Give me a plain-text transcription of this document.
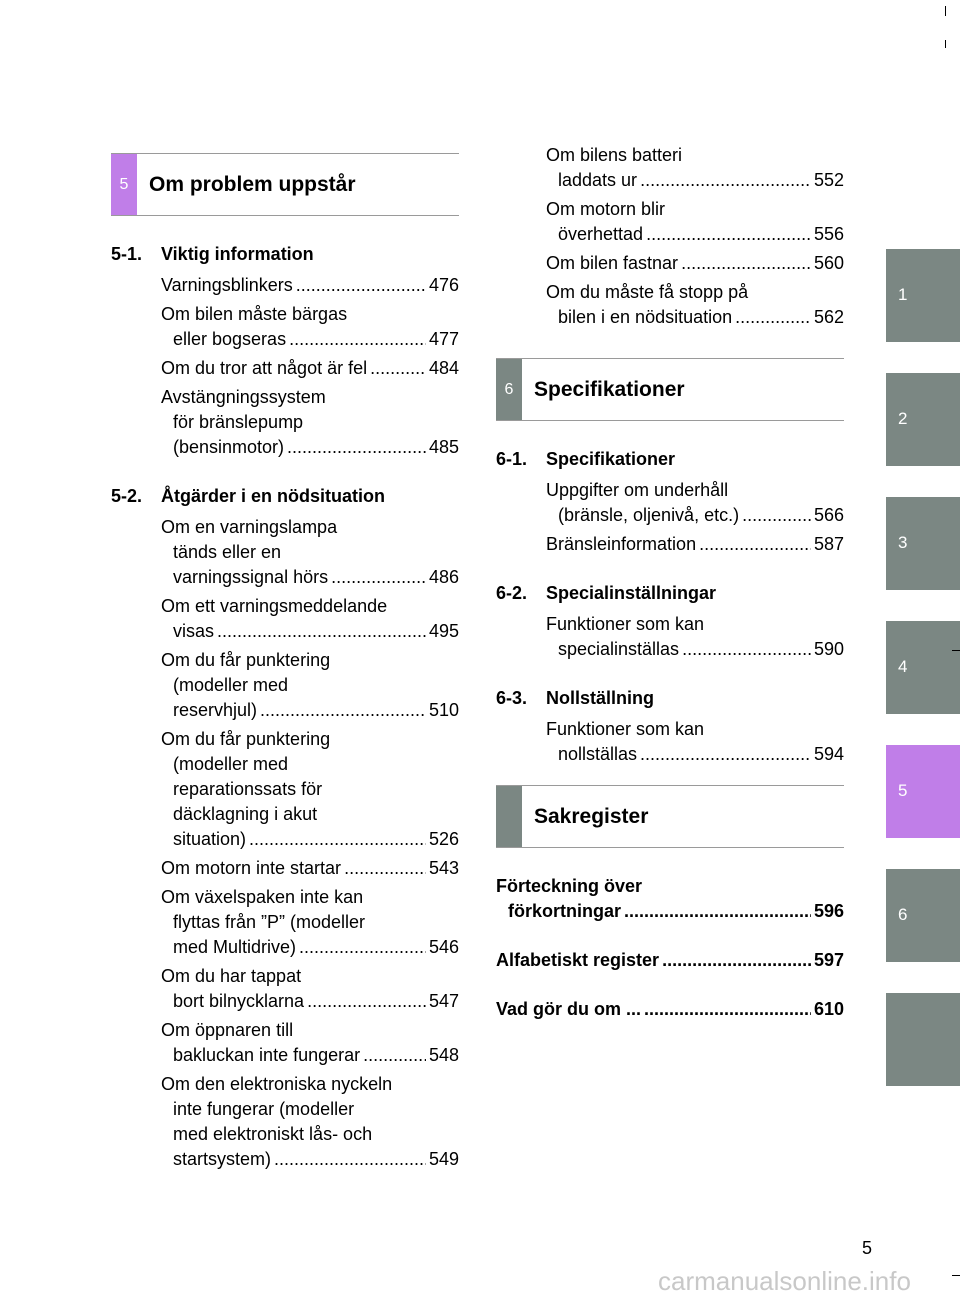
5 Om problem uppstår
5-1.	Viktig information
Varningsblinkers .....	476
Om bilen måste bärgas
eller bogseras .....	477
Om du tror att något är fel .....	484
Avstängningssystem
för bränslepump
(bensinmotor) .....	485
5-2.	Åtgärder i en nödsituation
Om en varningslampa
tänds eller en
varningssignal hörs .....	486
Om ett varningsmeddelande
visas .....	495
Om du får punktering
(modeller med
reservhjul) .....	510
Om du får punktering
(modeller med
reparationssats för
däcklagning i akut
situation) .....	526
Om motorn inte startar .....	543
Om växelspaken inte kan
flyttas från ”P” (modeller
med Multidrive) .....	546
Om du har tappat
bort bilnycklarna .....	547
Om öppnaren till
bakluckan inte fungerar .....	548
Om den elektroniska nyckeln
inte fungerar (modeller
med elektroniskt lås- och
startsystem) .....	549
Om bilens batteri
laddats ur .....	552
Om motorn blir
överhettad .....	556
Om bilen fastnar .....	560
Om du måste få stopp på
bilen i en nödsituation .....	562
6 Specifikationer
6-1.	Specifikationer
Uppgifter om underhåll
(bränsle, oljenivå, etc.) .....	566
Bränsleinformation .....	587
6-2.	Specialinställningar
Funktioner som kan
specialinställas .....	590
6-3.	Nollställning
Funktioner som kan
nollställas .....	594
Sakregister
Förteckning över
förkortningar .....	596
Alfabetiskt register .....	597
Vad gör du om ... .....	610
1
2
3
4
5
6
5
carmanualsonline.info
